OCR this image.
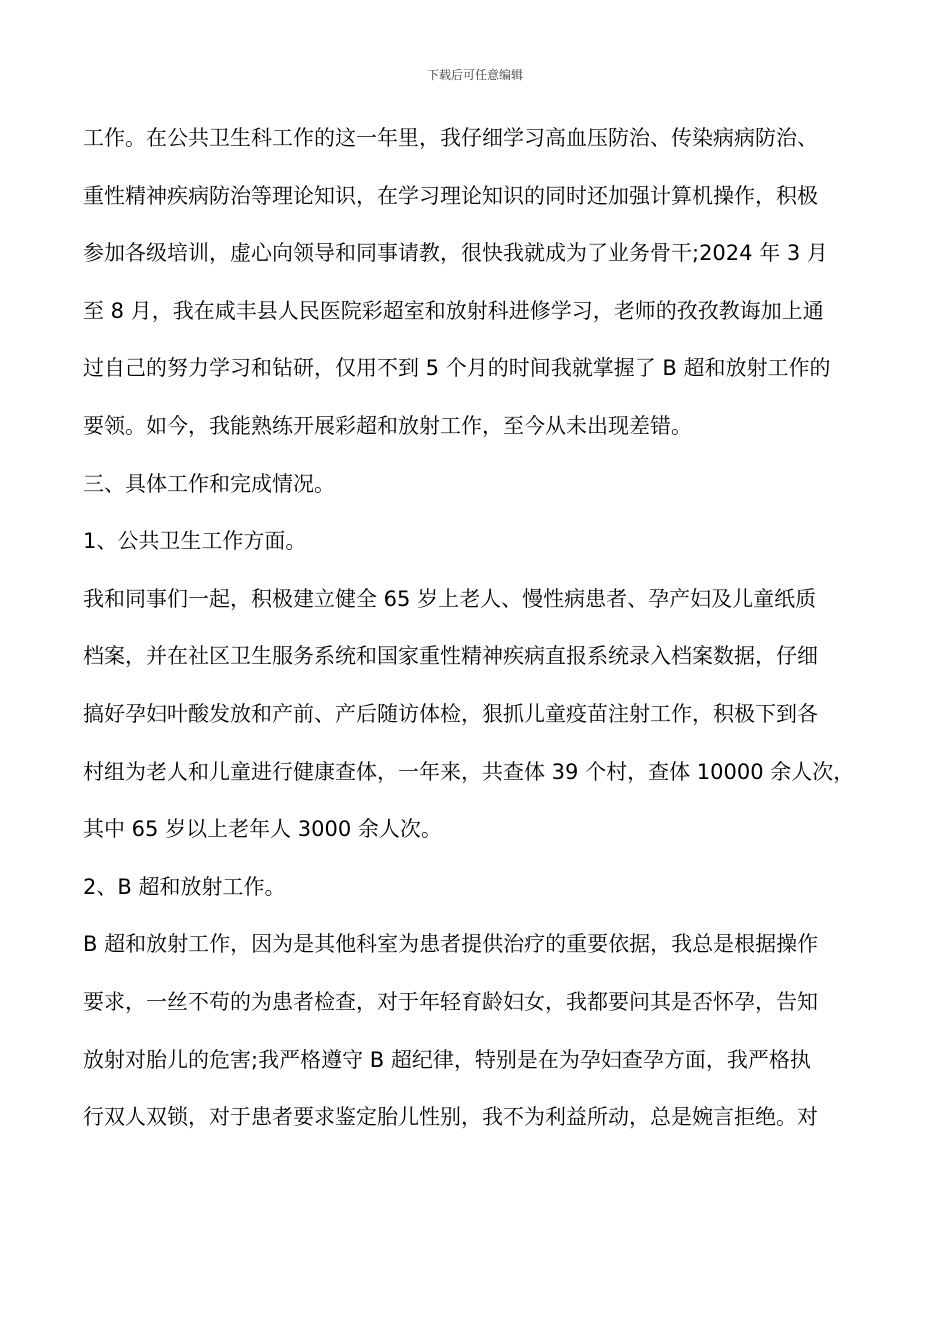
下载后可任意编辑
工作。在公共卫生科工作的这一年里，我仔细学习高血压防治、传染病病防治、
重性精神疾病防治等理论知识，在学习理论知识的同时还加强计算机操作，积极
参加各级培训，虚心向领导和同事请教，很快我就成为了业务骨干;2024 年 3 月
至 8 月，我在咸丰县人民医院彩超室和放射科进修学习，老师的孜孜教诲加上通
过自己的努力学习和钻研，仅用不到 5 个月的时间我就掌握了 B 超和放射工作的
要领。如今，我能熟练开展彩超和放射工作，至今从未出现差错。
三、具体工作和完成情况。
1、公共卫生工作方面。
我和同事们一起，积极建立健全 65 岁上老人、慢性病患者、孕产妇及儿童纸质
档案，并在社区卫生服务系统和国家重性精神疾病直报系统录入档案数据，仔细
搞好孕妇叶酸发放和产前、产后随访体检，狠抓儿童疫苗注射工作，积极下到各
村组为老人和儿童进行健康查体，一年来，共查体 39 个村，查体 10000 余人次，
其中 65 岁以上老年人 3000 余人次。
2、B 超和放射工作。
B 超和放射工作，因为是其他科室为患者提供治疗的重要依据，我总是根据操作
要求，一丝不苟的为患者检查，对于年轻育龄妇女，我都要问其是否怀孕，告知
放射对胎儿的危害;我严格遵守 B 超纪律，特别是在为孕妇查孕方面，我严格执
行双人双锁，对于患者要求鉴定胎儿性别，我不为利益所动，总是婉言拒绝。对
